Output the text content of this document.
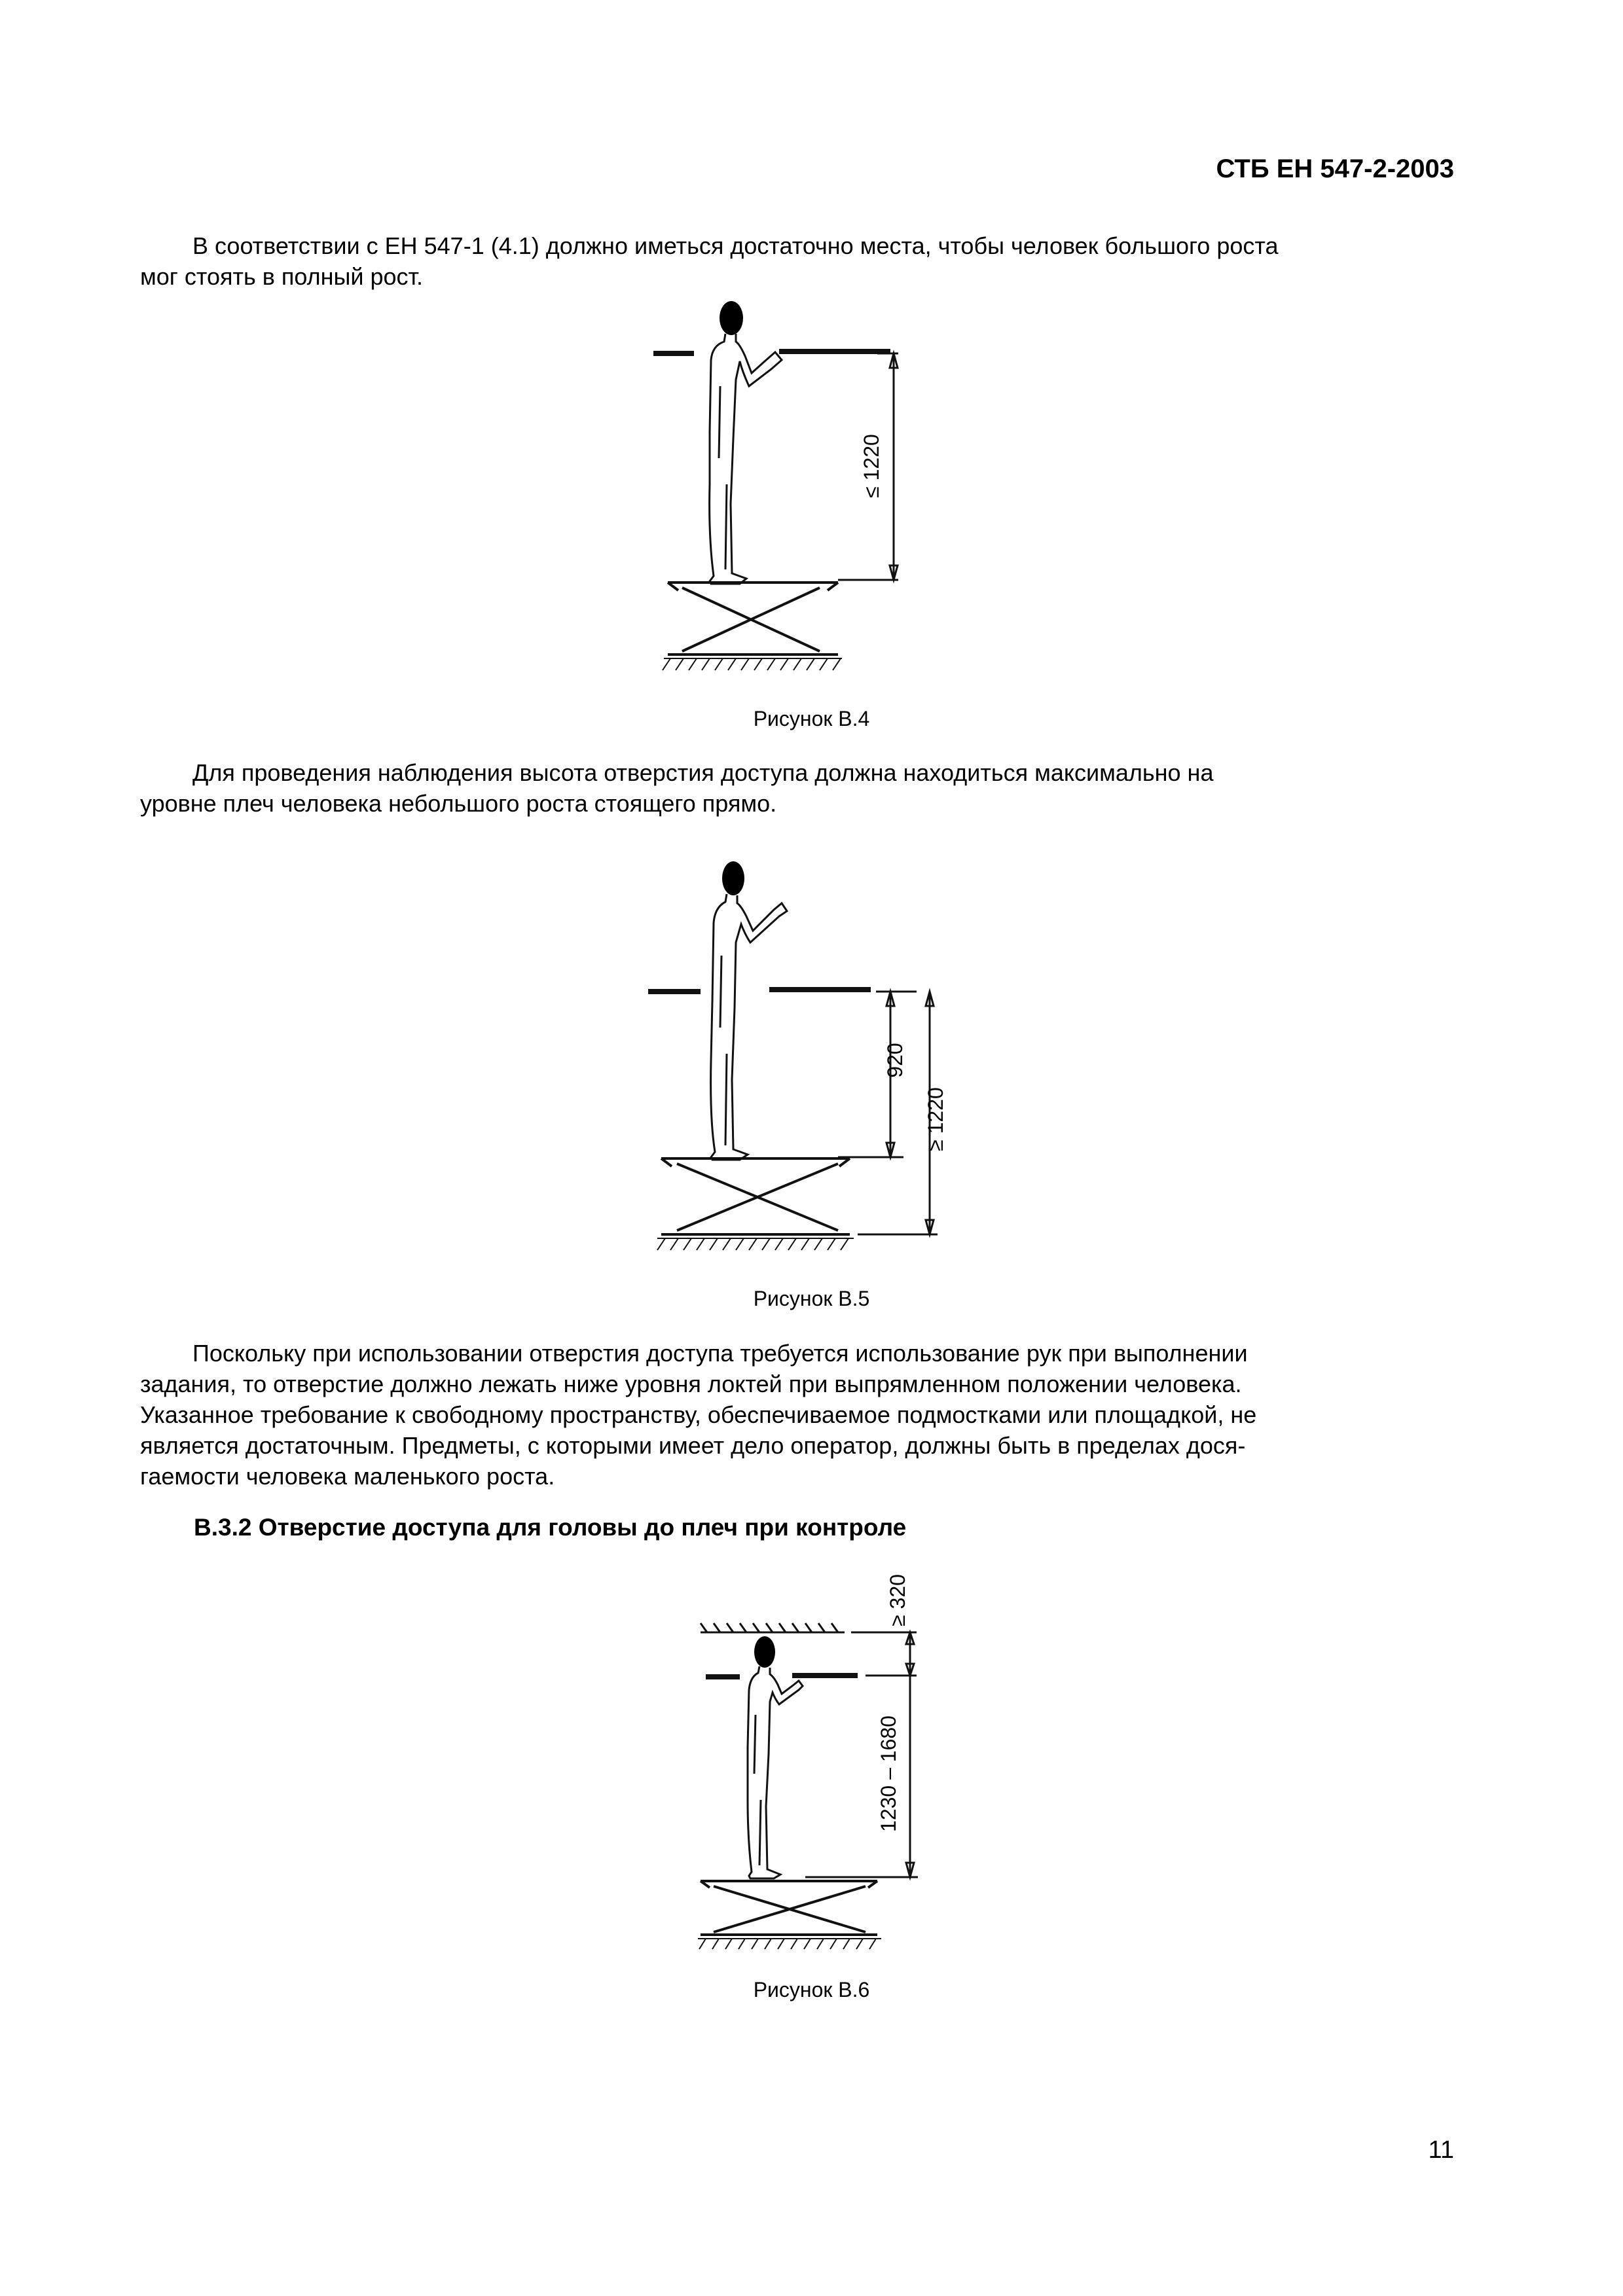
СТБ ЕН 547-2-2003

В соответствии с ЕН 547-1 (4.1) должно иметься достаточно места, чтобы человек большого роста
мог стоять в полный рост.

≤ 1220
Рисунок В.4

Для проведения наблюдения высота отверстия доступа должна находиться максимально на
уровне плеч человека небольшого роста стоящего прямо.

920
≥ 1220
Рисунок В.5

Поскольку при использовании отверстия доступа требуется использование рук при выполнении
задания, то отверстие должно лежать ниже уровня локтей при выпрямленном положении человека.
Указанное требование к свободному пространству, обеспечиваемое подмостками или площадкой, не
является достаточным. Предметы, с которыми имеет дело оператор, должны быть в пределах дося-
гаемости человека маленького роста.

В.3.2 Отверстие доступа для головы до плеч при контроле
≥ 320
1230 – 1680
Рисунок В.6
11
